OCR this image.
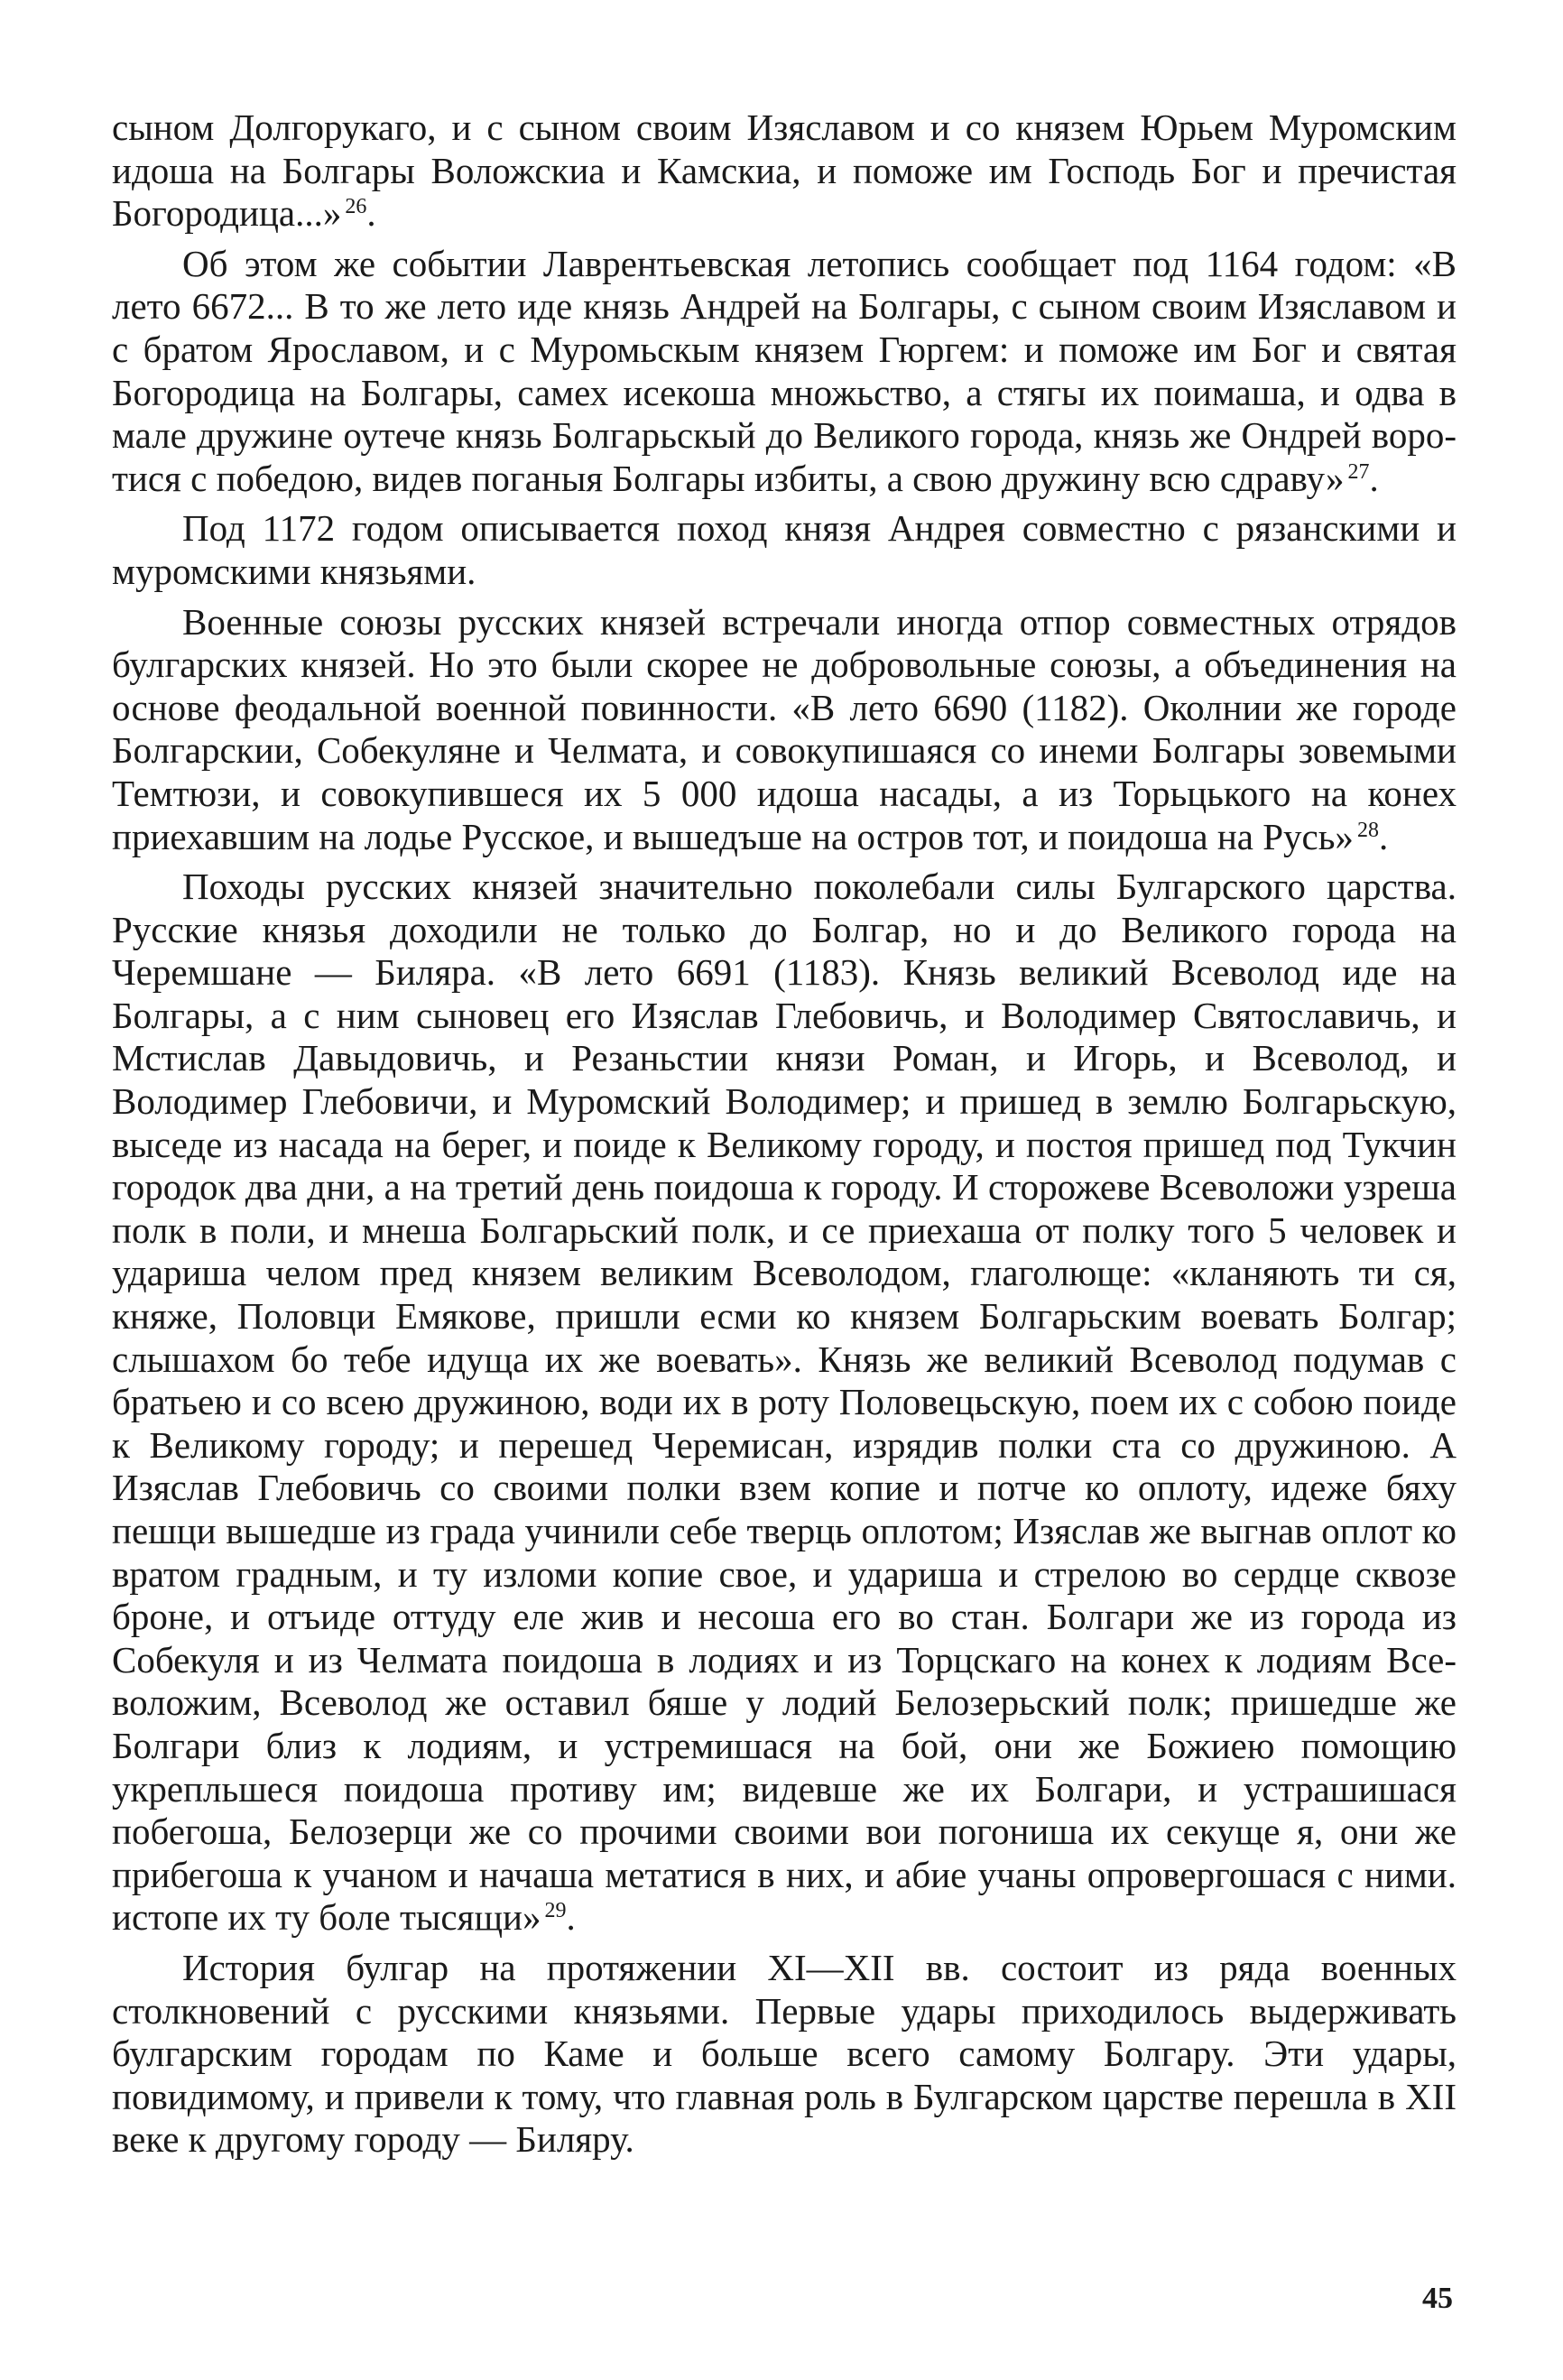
сыном Долгорукаго, и с сыном своим Изяславом и со князем Юрьем Муромским идоша на Болгары Воложскиа и Камскиа, и поможе им Господь Бог и пречистая Богородица...» $^{26}$.

Об этом же событии Лаврентьевская летопись сообщает под 1164 годом: «В лето 6672... В то же лето иде князь Андрей на Болгары, с сыном своим Изяславом и с братом Ярославом, и с Муромьскым князем Гюргем: и поможе им Бог и святая Богородица на Болгары, самех исекоша множьство, а стягы их поимаша, и одва в мале дружине оутече князь Болгарьскый до Великого города, князь же Ондрей воротися с победою, видев поганыя Болгары избиты, а свою дружину всю сдраву» $^{27}$.

Под 1172 годом описывается поход князя Андрея совместно с рязанскими и муромскими князьями.

Военные союзы русских князей встречали иногда отпор совместных отрядов булгарских князей. Но это были скорее не добровольные союзы, а объединения на основе феодальной военной повинности. «В лето 6690 (1182). Околнии же городе Болгарскии, Собекуляне и Челмата, и совокупишаяся со инеми Болгары зовемыми Темтюзи, и совокупившеся их 5 000 идоша насады, а из Торьцького на конех приехавшим на лодье Русское, и вышедъше на остров тот, и поидоша на Русь» $^{28}$.

Походы русских князей значительно поколебали силы Булгарского царства. Русские князья доходили не только до Болгар, но и до Великого города на Черемшане — Биляра. «В лето 6691 (1183). Князь великий Всеволод иде на Болгары, а с ним сыновец его Изяслав Глебовичь, и Володимер Святославичь, и Мстислав Давыдовичь, и Резаньстии князи Роман, и Игорь, и Всеволод, и Володимер Глебовичи, и Муромский Володимер; и пришед в землю Болгарьскую, выседе из насада на берег, и поиде к Великому городу, и постоя пришед под Тукчин городок два дни, а на третий день поидоша к городу. И сторожеве Всеволожи узреша полк в поли, и мнеша Болгарьский полк, и се приехаша от полку того 5 человек и удариша челом пред князем великим Всеволодом, глаголюще: «кланяють ти ся, княже, Половци Емякове, пришли есми ко князем Болгарьским воевать Болгар; слышахом бо тебе идуща их же воевать». Князь же великий Всеволод подумав с братьею и со всею дружиною, води их в роту Половецьскую, поем их с собою поиде к Великому городу; и перешед Черемисан, изрядив полки ста со дружиною. А Изяслав Глебовичь со своими полки взем копие и потче ко оплоту, идеже бяху пешци вышедше из града учинили себе тверць оплотом; Изяслав же выгнав оплот ко вратом градным, и ту изломи копие свое, и удариша и стрелою во сердце сквозе броне, и отъиде оттуду еле жив и несоша его во стан. Болгари же из города из Собекуля и из Челмата поидоша в лодиях и из Торцскаго на конех к лодиям Всеволожим, Всеволод же оставил бяше у лодий Белозерьский полк; пришедше же Болгари близ к лодиям, и устремишася на бой, они же Божиею помощию укрепльшеся поидоша противу им; видевше же их Болгари, и устрашишася побегоша, Белозерци же со прочими своими вои погониша их секуще я, они же прибегоша к учаном и начаша метатися в них, и абие учаны опровергошася с ними. истопе их ту боле тысящи» $^{29}$.

История булгар на протяжении XI—XII вв. состоит из ряда военных столкновений с русскими князьями. Первые удары приходилось выдерживать булгарским городам по Каме и больше всего самому Болгару. Эти удары, повидимому, и привели к тому, что главная роль в Булгарском царстве перешла в XII веке к другому городу — Биляру.

45
